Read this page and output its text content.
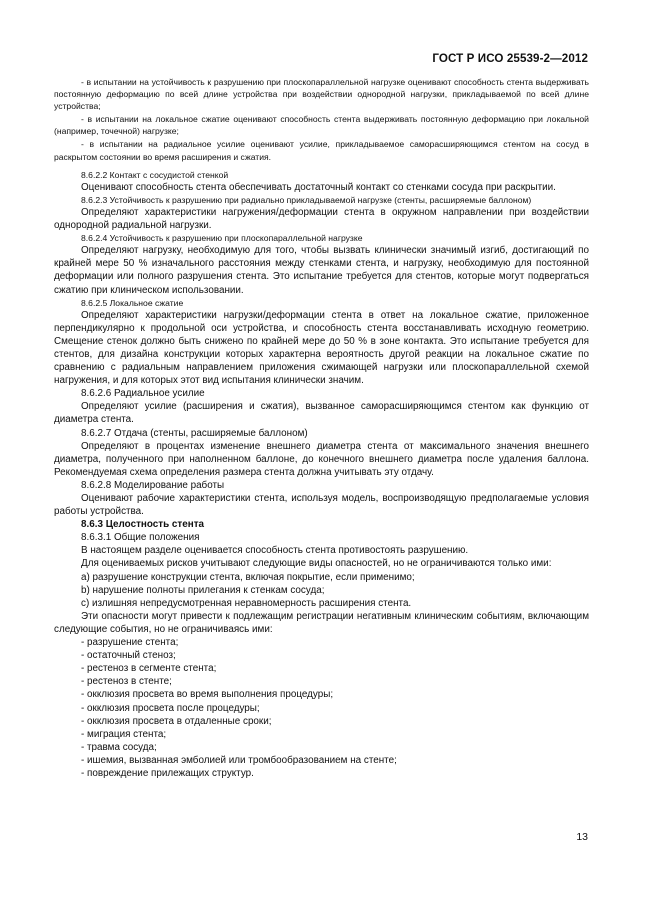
ГОСТ Р ИСО 25539-2—2012

- в испытании на устойчивость к разрушению при плоскопараллельной нагрузке оценивают способность стента выдерживать постоянную деформацию по всей длине устройства при воздействии однородной нагрузки, прикладываемой по всей длине устройства;

- в испытании на локальное сжатие оценивают способность стента выдерживать постоянную деформацию при локальной (например, точечной) нагрузке;

- в испытании на радиальное усилие оценивают усилие, прикладываемое саморасширяющимся стентом на сосуд в раскрытом состоянии во время расширения и сжатия.

8.6.2.2 Контакт с сосудистой стенкой

Оценивают способность стента обеспечивать достаточный контакт со стенками сосуда при раскрытии.

8.6.2.3 Устойчивость к разрушению при радиально прикладываемой нагрузке (стенты, расширяемые баллоном)

Определяют характеристики нагружения/деформации стента в окружном направлении при воздействии однородной радиальной нагрузки.

8.6.2.4 Устойчивость к разрушению при плоскопараллельной нагрузке

Определяют нагрузку, необходимую для того, чтобы вызвать клинически значимый изгиб, достигающий по крайней мере 50 % изначального расстояния между стенками стента, и нагрузку, необходимую для постоянной деформации или полного разрушения стента. Это испытание требуется для стентов, которые могут подвергаться сжатию при клиническом использовании.

8.6.2.5 Локальное сжатие

Определяют характеристики нагрузки/деформации стента в ответ на локальное сжатие, приложенное перпендикулярно к продольной оси устройства, и способность стента восстанавливать исходную геометрию. Смещение стенок должно быть снижено по крайней мере до 50 % в зоне контакта. Это испытание требуется для стентов, для дизайна конструкции которых характерна вероятность другой реакции на локальное сжатие по сравнению с радиальным направлением приложения сжимающей нагрузки или плоскопараллельной схемой нагружения, и для которых этот вид испытания клинически значим.

8.6.2.6 Радиальное усилие

Определяют усилие (расширения и сжатия), вызванное саморасширяющимся стентом как функцию от диаметра стента.

8.6.2.7 Отдача (стенты, расширяемые баллоном)

Определяют в процентах изменение внешнего диаметра стента от максимального значения внешнего диаметра, полученного при наполненном баллоне, до конечного внешнего диаметра после удаления баллона. Рекомендуемая схема определения размера стента должна учитывать эту отдачу.

8.6.2.8 Моделирование работы

Оценивают рабочие характеристики стента, используя модель, воспроизводящую предполагаемые условия работы устройства.

8.6.3 Целостность стента

8.6.3.1 Общие положения

В настоящем разделе оценивается способность стента противостоять разрушению.

Для оцениваемых рисков учитывают следующие виды опасностей, но не ограничиваются только ими:

а) разрушение конструкции стента, включая покрытие, если применимо;

b) нарушение полноты прилегания к стенкам сосуда;

c) излишняя непредусмотренная неравномерность расширения стента.

Эти опасности могут привести к подлежащим регистрации негативным клиническим событиям, включающим следующие события, но не ограничиваясь ими:

- разрушение стента;

- остаточный стеноз;

- рестеноз в сегменте стента;

- рестеноз в стенте;

- окклюзия просвета во время выполнения процедуры;

- окклюзия просвета после процедуры;

- окклюзия просвета в отдаленные сроки;

- миграция стента;

- травма сосуда;

- ишемия, вызванная эмболией или тромбообразованием на стенте;

- повреждение прилежащих структур.

13
